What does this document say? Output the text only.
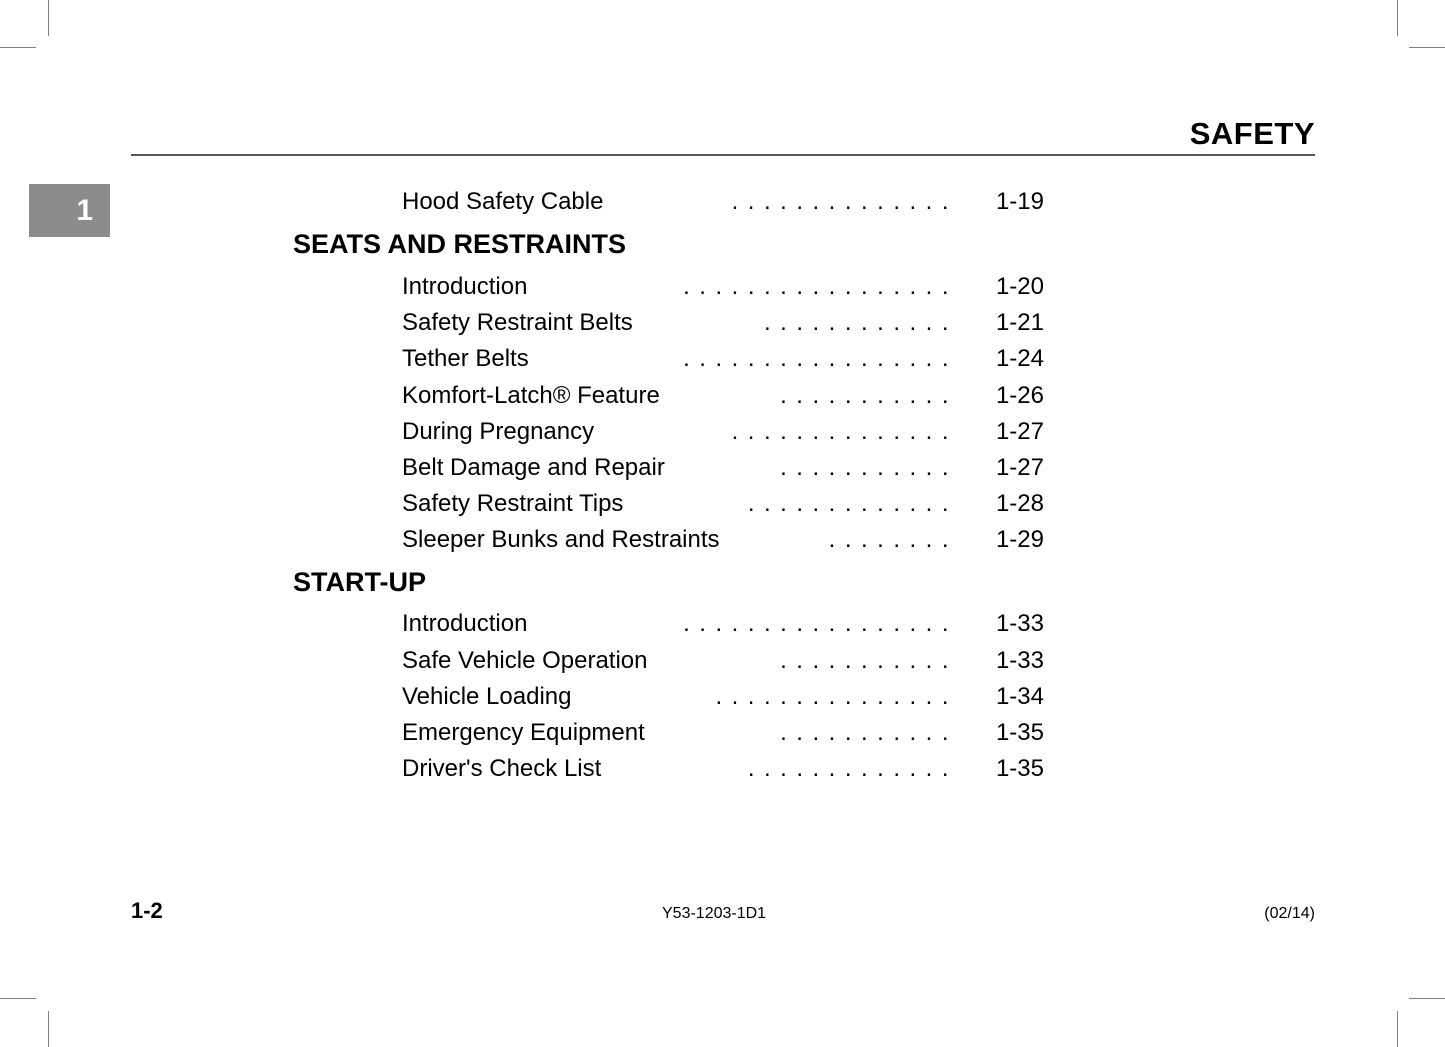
1
SAFETY
Hood Safety Cable	.............. 1-19
SEATS AND RESTRAINTS
Introduction	................. 1-20
Safety Restraint Belts	............ 1-21
Tether Belts	................. 1-24
Komfort-Latch® Feature	........... 1-26
During Pregnancy	.............. 1-27
Belt Damage and Repair	........... 1-27
Safety Restraint Tips	............. 1-28
Sleeper Bunks and Restraints	........ 1-29
START-UP
Introduction	................. 1-33
Safe Vehicle Operation	........... 1-33
Vehicle Loading	............... 1-34
Emergency Equipment	........... 1-35
Driver's Check List	............. 1-35
1-2	Y53-1203-1D1	(02/14)
